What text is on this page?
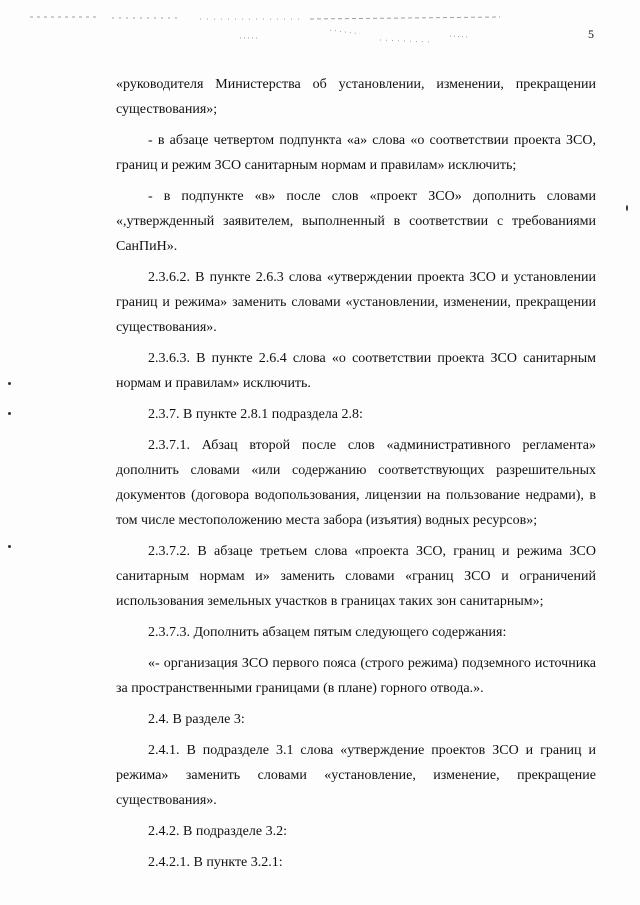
5

«руководителя Министерства об установлении, изменении, прекращении существования»;

- в абзаце четвертом подпункта «а» слова «о соответствии проекта ЗСО, границ и режим ЗСО санитарным нормам и правилам» исключить;

- в подпункте «в» после слов «проект ЗСО» дополнить словами «,утвержденный заявителем, выполненный в соответствии с требованиями СанПиН».

2.3.6.2. В пункте 2.6.3 слова «утверждении проекта ЗСО и установлении границ и режима» заменить словами «установлении, изменении, прекращении существования».

2.3.6.3. В пункте 2.6.4 слова «о соответствии проекта ЗСО санитарным нормам и правилам» исключить.

2.3.7. В пункте 2.8.1 подраздела 2.8:

2.3.7.1. Абзац второй после слов «административного регламента» дополнить словами «или содержанию соответствующих разрешительных документов (договора водопользования, лицензии на пользование недрами), в том числе местоположению места забора (изъятия) водных ресурсов»;

2.3.7.2. В абзаце третьем слова «проекта ЗСО, границ и режима ЗСО санитарным нормам и» заменить словами «границ ЗСО и ограничений использования земельных участков в границах таких зон санитарным»;

2.3.7.3. Дополнить абзацем пятым следующего содержания:

«- организация ЗСО первого пояса (строго режима) подземного источника за пространственными границами (в плане) горного отвода.».

2.4. В разделе 3:

2.4.1. В подразделе 3.1 слова «утверждение проектов ЗСО и границ и режима» заменить словами «установление, изменение, прекращение существования».

2.4.2. В подразделе 3.2:

2.4.2.1. В пункте 3.2.1:
